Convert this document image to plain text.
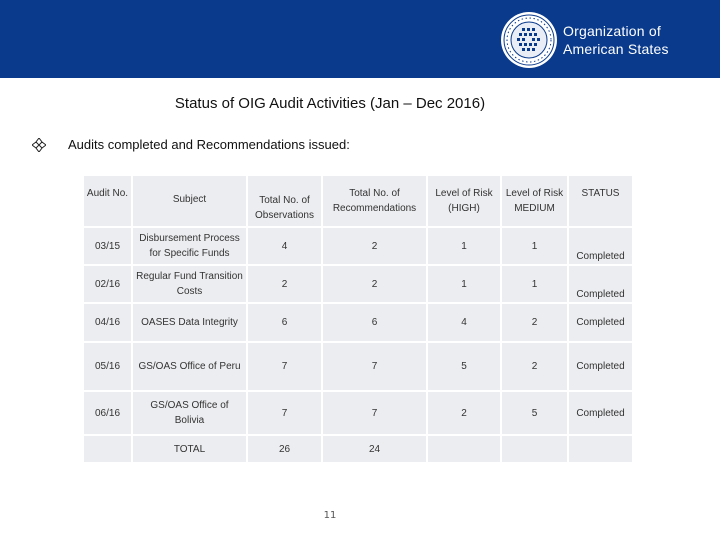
Organization of
American States
Status of OIG Audit Activities (Jan – Dec 2016)
Audits completed and Recommendations issued:
Audit No.	Subject	Total No. of Observations	Total No. of Recommendations	Level of Risk (HIGH)	Level of Risk MEDIUM	STATUS
03/15	Disbursement Process for Specific Funds	4	2	1	1	Completed
02/16	Regular Fund Transition Costs	2	2	1	1	Completed
04/16	OASES Data Integrity	6	6	4	2	Completed
05/16	GS/OAS Office of Peru	7	7	5	2	Completed
06/16	GS/OAS Office of Bolivia	7	7	2	5	Completed
	TOTAL	26	24			
11
